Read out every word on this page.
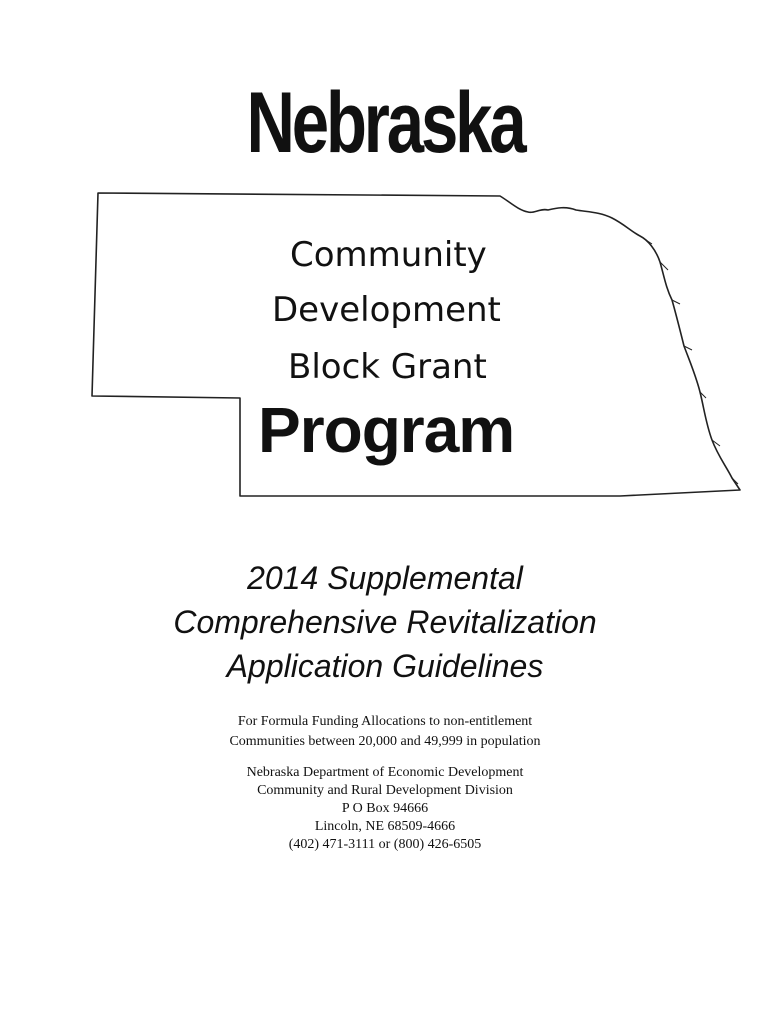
Nebraska
Community
Development
Block Grant
Program
2014 Supplemental
Comprehensive Revitalization
Application Guidelines
For Formula Funding Allocations to non-entitlement
Communities between 20,000 and 49,999 in population
Nebraska Department of Economic Development
Community and Rural Development Division
P O Box 94666
Lincoln, NE 68509-4666
(402) 471-3111 or (800) 426-6505
